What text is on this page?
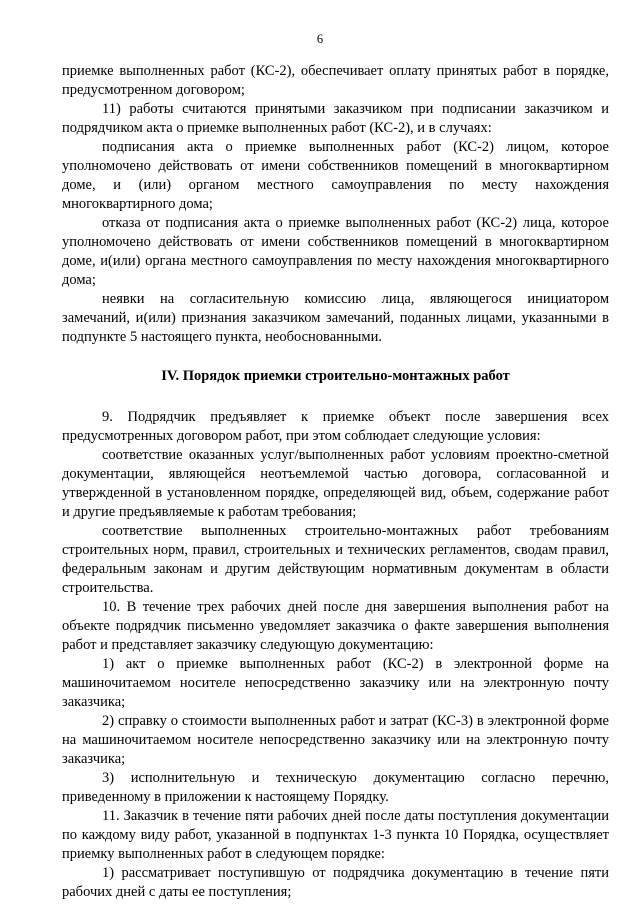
6

приемке выполненных работ (КС-2), обеспечивает оплату принятых работ в порядке, предусмотренном договором;

11) работы считаются принятыми заказчиком при подписании заказчиком и подрядчиком акта о приемке выполненных работ (КС-2), и в случаях:

подписания акта о приемке выполненных работ (КС-2) лицом, которое уполномочено действовать от имени собственников помещений в многоквартирном доме, и (или) органом местного самоуправления по месту нахождения многоквартирного дома;

отказа от подписания акта о приемке выполненных работ (КС-2) лица, которое уполномочено действовать от имени собственников помещений в многоквартирном доме, и(или) органа местного самоуправления по месту нахождения многоквартирного дома;

неявки на согласительную комиссию лица, являющегося инициатором замечаний, и(или) признания заказчиком замечаний, поданных лицами, указанными в подпункте 5 настоящего пункта, необоснованными.

IV. Порядок приемки строительно-монтажных работ

9. Подрядчик предъявляет к приемке объект после завершения всех предусмотренных договором работ, при этом соблюдает следующие условия:

соответствие оказанных услуг/выполненных работ условиям проектно-сметной документации, являющейся неотъемлемой частью договора, согласованной и утвержденной в установленном порядке, определяющей вид, объем, содержание работ и другие предъявляемые к работам требования;

соответствие выполненных строительно-монтажных работ требованиям строительных норм, правил, строительных и технических регламентов, сводам правил, федеральным законам и другим действующим нормативным документам в области строительства.

10. В течение трех рабочих дней после дня завершения выполнения работ на объекте подрядчик письменно уведомляет заказчика о факте завершения выполнения работ и представляет заказчику следующую документацию:

1) акт о приемке выполненных работ (КС-2) в электронной форме на машиночитаемом носителе непосредственно заказчику или на электронную почту заказчика;

2) справку о стоимости выполненных работ и затрат (КС-3) в электронной форме на машиночитаемом носителе непосредственно заказчику или на электронную почту заказчика;

3) исполнительную и техническую документацию согласно перечню, приведенному в приложении к настоящему Порядку.

11. Заказчик в течение пяти рабочих дней после даты поступления документации по каждому виду работ, указанной в подпунктах 1-3 пункта 10 Порядка, осуществляет приемку выполненных работ в следующем порядке:

1) рассматривает поступившую от подрядчика документацию в течение пяти рабочих дней с даты ее поступления;
